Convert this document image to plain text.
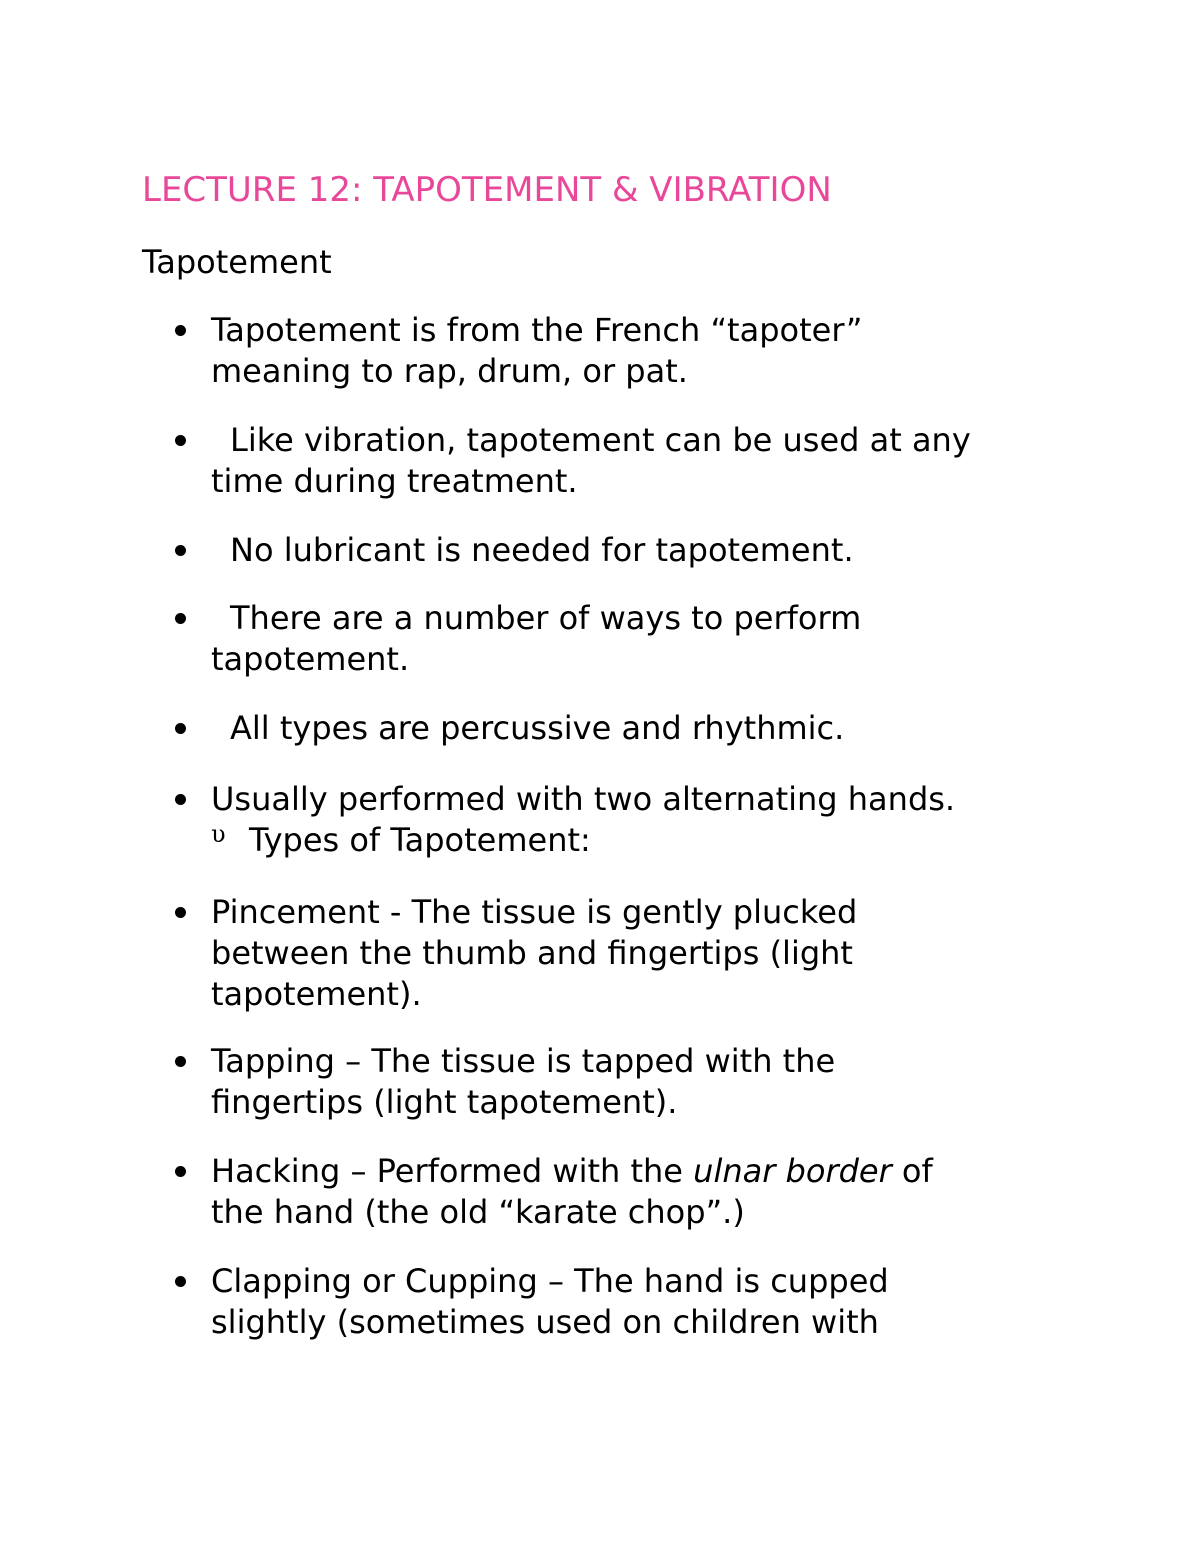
LECTURE 12: TAPOTEMENT & VIBRATION
Tapotement
Tapotement is from the French “tapoter”
meaning to rap, drum, or pat.
Like vibration, tapotement can be used at any
time during treatment.
No lubricant is needed for tapotement.
There are a number of ways to perform
tapotement.
All types are percussive and rhythmic.
Usually performed with two alternating hands.
υ Types of Tapotement:
Pincement - The tissue is gently plucked
between the thumb and fingertips (light
tapotement).
Tapping – The tissue is tapped with the
fingertips (light tapotement).
Hacking – Performed with the ulnar border of
the hand (the old “karate chop”.)
Clapping or Cupping – The hand is cupped
slightly (sometimes used on children with
